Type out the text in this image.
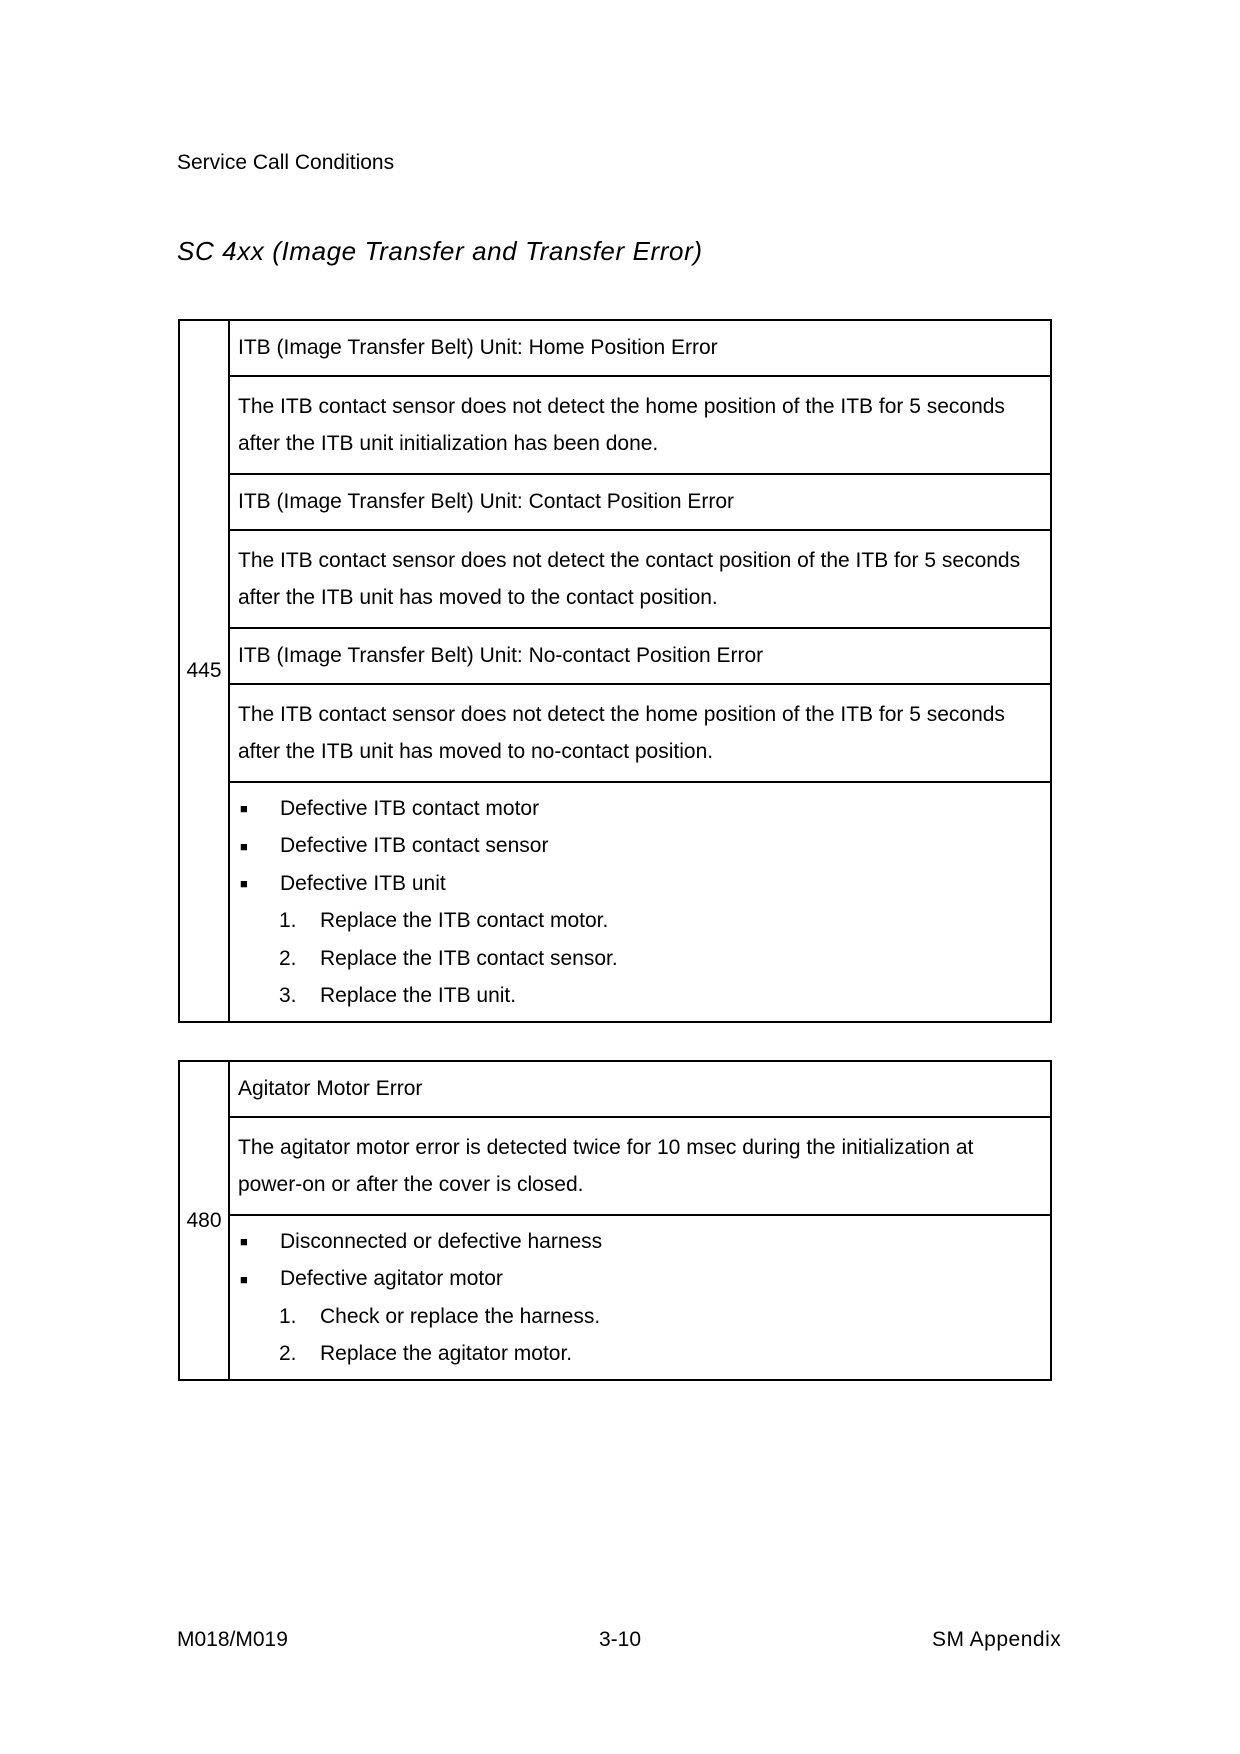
Service Call Conditions
SC 4xx (Image Transfer and Transfer Error)
445	ITB (Image Transfer Belt) Unit: Home Position Error
The ITB contact sensor does not detect the home position of the ITB for 5 seconds after the ITB unit initialization has been done.
ITB (Image Transfer Belt) Unit: Contact Position Error
The ITB contact sensor does not detect the contact position of the ITB for 5 seconds after the ITB unit has moved to the contact position.
ITB (Image Transfer Belt) Unit: No-contact Position Error
The ITB contact sensor does not detect the home position of the ITB for 5 seconds after the ITB unit has moved to no-contact position.

■	Defective ITB contact motor
■	Defective ITB contact sensor
■	Defective ITB unit
1.	Replace the ITB contact motor.
2.	Replace the ITB contact sensor.
3.	Replace the ITB unit.
480	Agitator Motor Error
The agitator motor error is detected twice for 10 msec during the initialization at power-on or after the cover is closed.

■	Disconnected or defective harness
■	Defective agitator motor
1.	Check or replace the harness.
2.	Replace the agitator motor.
M018/M019	3-10	SM Appendix
